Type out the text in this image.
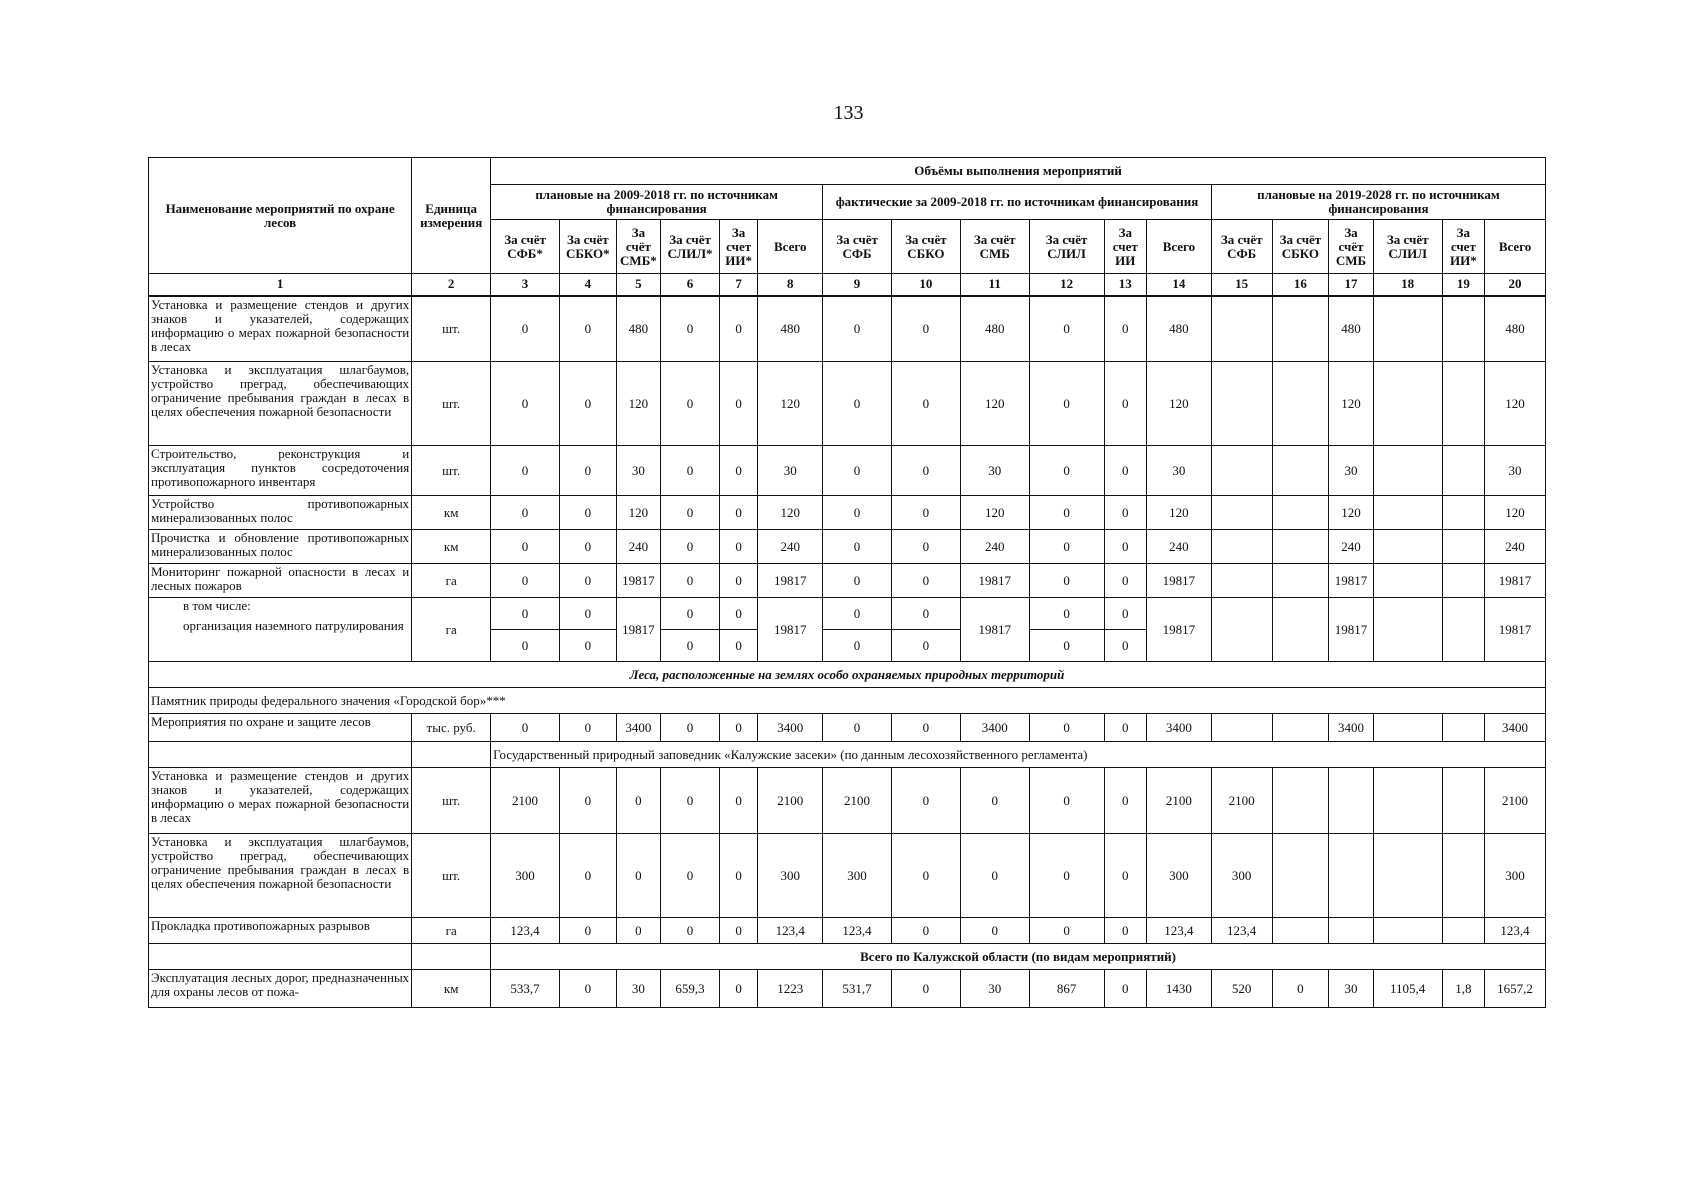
133
Наименование мероприятий по охране лесов	Единица измерения	Объёмы выполнения мероприятий																	
		плановые на 2009-2018 гг. по источникам финансирования						фактические за 2009-2018 гг. по источникам финансирования						плановые на 2019-2028 гг. по источникам финансирования					
		За счёт СФБ*	За счёт СБКО*	За счёт СМБ*	За счёт СЛИЛ*	За счет ИИ*	Всего	За счёт СФБ	За счёт СБКО	За счёт СМБ	За счёт СЛИЛ	За счет ИИ	Всего	За счёт СФБ	За счёт СБКО	За счёт СМБ	За счёт СЛИЛ	За счет ИИ*	Всего
1	2	3	4	5	6	7	8	9	10	11	12	13	14	15	16	17	18	19	20
Установка и размещение стендов и других знаков и указателей, содержащих информацию о мерах пожарной безопасности в лесах	шт.	0	0	480	0	0	480	0	0	480	0	0	480			480			480
Установка и эксплуатация шлагбаумов, устройство преград, обеспечивающих ограничение пребывания граждан в лесах в целях обеспечения пожарной безопасности	шт.	0	0	120	0	0	120	0	0	120	0	0	120			120			120
Строительство, реконструкция и эксплуатация пунктов сосредоточения противопожарного инвентаря	шт.	0	0	30	0	0	30	0	0	30	0	0	30			30			30
Устройство противопожарных минерализованных полос	км	0	0	120	0	0	120	0	0	120	0	0	120			120			120
Прочистка и обновление противопожарных минерализованных полос	км	0	0	240	0	0	240	0	0	240	0	0	240			240			240
Мониторинг пожарной опасности в лесах и лесных пожаров	га	0	0	19817	0	0	19817	0	0	19817	0	0	19817			19817			19817

в том числе:
организация наземного патрулирования	га	0	0	19817	0	0	19817	0	0	19817	0	0	19817			19817			19817
		0	0		0	0		0	0		0	0							
Леса, расположенные на землях особо охраняемых природных территорий																			
Памятник природы федерального значения «Городской бор»***																			
Мероприятия по охране и защите лесов	тыс. руб.	0	0	3400	0	0	3400	0	0	3400	0	0	3400			3400			3400
		Государственный природный заповедник «Калужские засеки» (по данным лесохозяйственного регламента)																	
Установка и размещение стендов и других знаков и указателей, содержащих информацию о мерах пожарной безопасности в лесах	шт.	2100	0	0	0	0	2100	2100	0	0	0	0	2100	2100					2100
Установка и эксплуатация шлагбаумов, устройство преград, обеспечивающих ограничение пребывания граждан в лесах в целях обеспечения пожарной безопасности	шт.	300	0	0	0	0	300	300	0	0	0	0	300	300					300
Прокладка противопожарных разрывов	га	123,4	0	0	0	0	123,4	123,4	0	0	0	0	123,4	123,4					123,4
		Всего по Калужской области (по видам мероприятий)																	
Эксплуатация лесных дорог, предназначенных для охраны лесов от пожа-	км	533,7	0	30	659,3	0	1223	531,7	0	30	867	0	1430	520	0	30	1105,4	1,8	1657,2
